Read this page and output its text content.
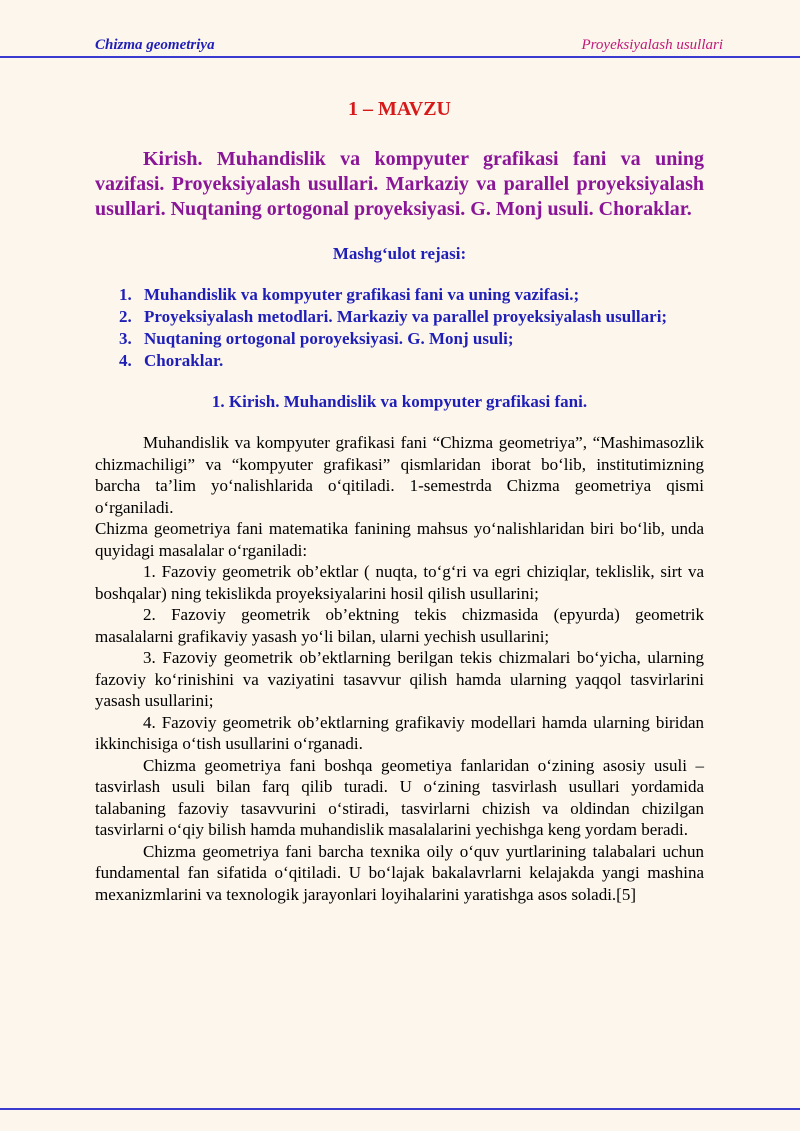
Chizma geometriya	Proyeksiyalash usullari
1 – MAVZU

Kirish. Muhandislik va kompyuter grafikasi fani va uning vazifasi. Proyeksiyalash usullari. Markaziy va parallel proyeksiyalash usullari. Nuqtaning ortogonal proyeksiyasi. G. Monj usuli. Choraklar.

Mashg‘ulot rejasi:

1. Muhandislik va kompyuter grafikasi fani va uning vazifasi.;
2. Proyeksiyalash metodlari. Markaziy va parallel proyeksiyalash usullari;
3. Nuqtaning ortogonal poroyeksiyasi. G. Monj usuli;
4. Choraklar.

1. Kirish. Muhandislik va kompyuter grafikasi fani.

Muhandislik va kompyuter grafikasi fani “Chizma geometriya”, “Mashimasozlik chizmachiligi” va “kompyuter grafikasi” qismlaridan iborat bo‘lib, institutimizning barcha ta’lim yo‘nalishlarida o‘qitiladi. 1-semestrda Chizma geometriya qismi o‘rganiladi.

Chizma geometriya fani matematika fanining mahsus yo‘nalishlaridan biri bo‘lib, unda quyidagi masalalar o‘rganiladi:

1. Fazoviy geometrik ob’ektlar ( nuqta, to‘g‘ri va egri chiziqlar, teklislik, sirt va boshqalar) ning tekislikda proyeksiyalarini hosil qilish usullarini;

2. Fazoviy geometrik ob’ektning tekis chizmasida (epyurda) geometrik masalalarni grafikaviy yasash yo‘li bilan, ularni yechish usullarini;

3. Fazoviy geometrik ob’ektlarning berilgan tekis chizmalari bo‘yicha, ularning fazoviy ko‘rinishini va vaziyatini tasavvur qilish hamda ularning yaqqol tasvirlarini yasash usullarini;

4. Fazoviy geometrik ob’ektlarning grafikaviy modellari hamda ularning biridan ikkinchisiga o‘tish usullarini o‘rganadi.

Chizma geometriya fani boshqa geometiya fanlaridan o‘zining asosiy usuli – tasvirlash usuli bilan farq qilib turadi. U o‘zining tasvirlash usullari yordamida talabaning fazoviy tasavvurini o‘stiradi, tasvirlarni chizish va oldindan chizilgan tasvirlarni o‘qiy bilish hamda muhandislik masalalarini yechishga keng yordam beradi.

Chizma geometriya fani barcha texnika oily o‘quv yurtlarining talabalari uchun fundamental fan sifatida o‘qitiladi. U bo‘lajak bakalavrlarni kelajakda yangi mashina mexanizmlarini va texnologik jarayonlari loyihalarini yaratishga asos soladi.[5]
